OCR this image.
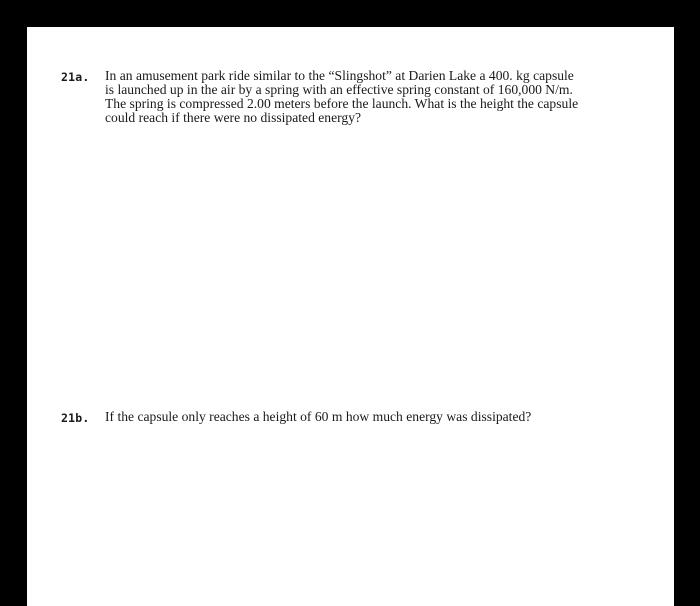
21a.	In an amusement park ride similar to the “Slingshot” at Darien Lake a 400. kg capsule

is launched up in the air by a spring with an effective spring constant of 160,000 N/m.

The spring is compressed 2.00 meters before the launch. What is the height the capsule

could reach if there were no dissipated energy?

21b.	If the capsule only reaches a height of 60 m how much energy was dissipated?
